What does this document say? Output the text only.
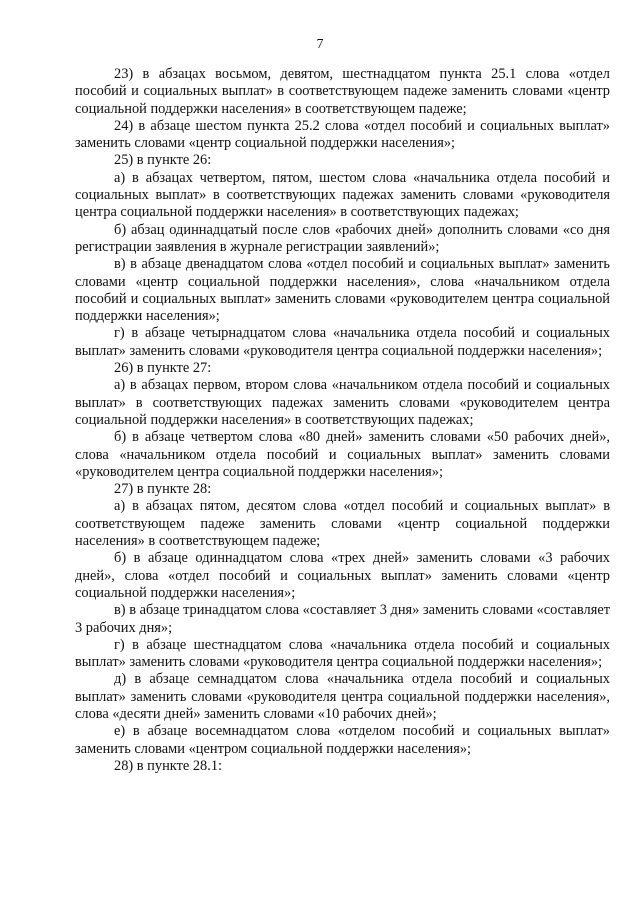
7

23) в абзацах восьмом, девятом, шестнадцатом пункта 25.1 слова «отдел пособий и социальных выплат» в соответствующем падеже заменить словами «центр социальной поддержки населения» в соответствующем падеже;

24) в абзаце шестом пункта 25.2 слова «отдел пособий и социальных выплат» заменить словами «центр социальной поддержки населения»;

25) в пункте 26:

а) в абзацах четвертом, пятом, шестом слова «начальника отдела пособий и социальных выплат» в соответствующих падежах заменить словами «руководителя центра социальной поддержки населения» в соответствующих падежах;

б) абзац одиннадцатый после слов «рабочих дней» дополнить словами «со дня регистрации заявления в журнале регистрации заявлений»;

в) в абзаце двенадцатом слова «отдел пособий и социальных выплат» заменить словами «центр социальной поддержки населения», слова «начальником отдела пособий и социальных выплат» заменить словами «руководителем центра социальной поддержки населения»;

г) в абзаце четырнадцатом слова «начальника отдела пособий и социальных выплат» заменить словами «руководителя центра социальной поддержки населения»;

26) в пункте 27:

а) в абзацах первом, втором слова «начальником отдела пособий и социальных выплат» в соответствующих падежах заменить словами «руководителем центра социальной поддержки населения» в соответствующих падежах;

б) в абзаце четвертом слова «80 дней» заменить словами «50 рабочих дней», слова «начальником отдела пособий и социальных выплат» заменить словами «руководителем центра социальной поддержки населения»;

27) в пункте 28:

а) в абзацах пятом, десятом слова «отдел пособий и социальных выплат» в соответствующем падеже заменить словами «центр социальной поддержки населения» в соответствующем падеже;

б) в абзаце одиннадцатом слова «трех дней» заменить словами «3 рабочих дней», слова «отдел пособий и социальных выплат» заменить словами «центр социальной поддержки населения»;

в) в абзаце тринадцатом слова «составляет 3 дня» заменить словами «составляет 3 рабочих дня»;

г) в абзаце шестнадцатом слова «начальника отдела пособий и социальных выплат» заменить словами «руководителя центра социальной поддержки населения»;

д) в абзаце семнадцатом слова «начальника отдела пособий и социальных выплат» заменить словами «руководителя центра социальной поддержки населения», слова «десяти дней» заменить словами «10 рабочих дней»;

е) в абзаце восемнадцатом слова «отделом пособий и социальных выплат» заменить словами «центром социальной поддержки населения»;

28) в пункте 28.1:
